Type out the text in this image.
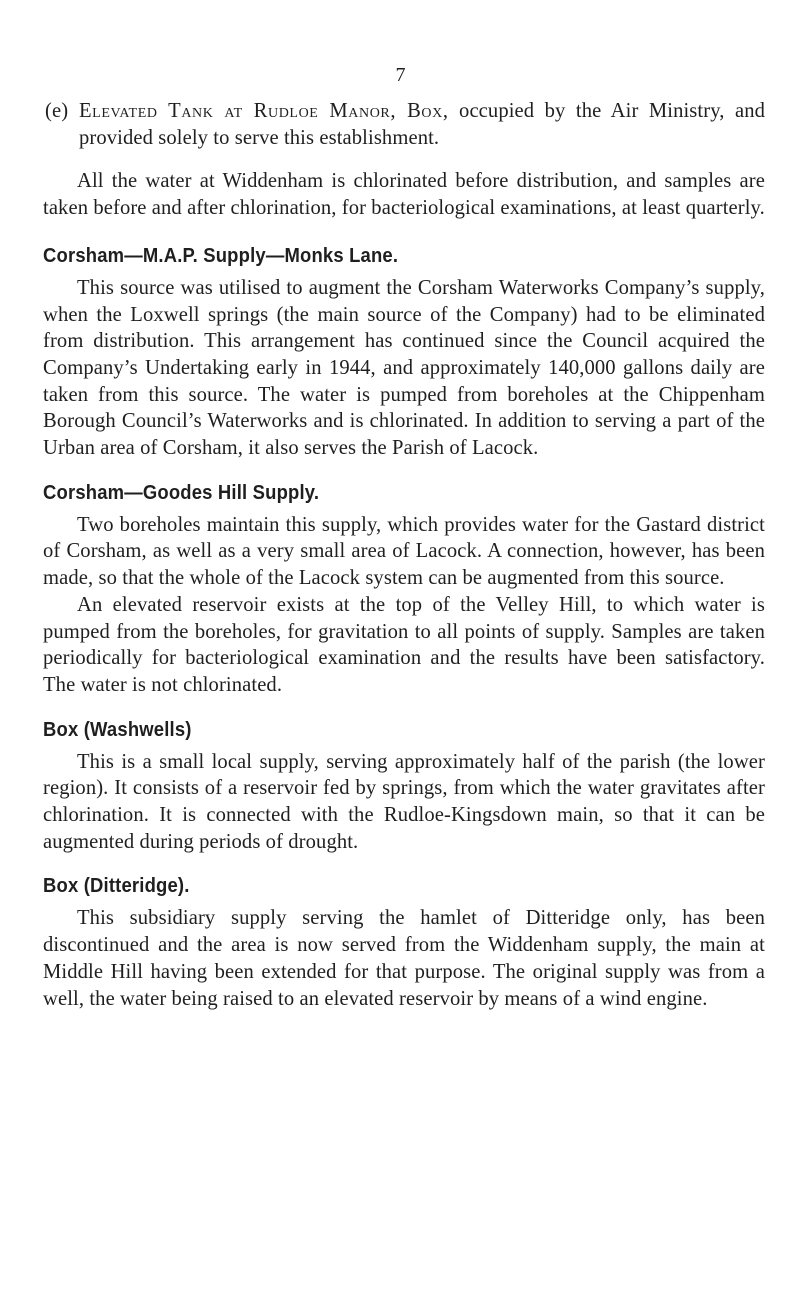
7

(e) Elevated Tank at Rudloe Manor, Box, occupied by the Air Ministry, and provided solely to serve this establishment.

All the water at Widdenham is chlorinated before distribution, and samples are taken before and after chlorination, for bacteriological examinations, at least quarterly.

Corsham—M.A.P. Supply—Monks Lane.

This source was utilised to augment the Corsham Waterworks Company’s supply, when the Loxwell springs (the main source of the Company) had to be eliminated from distribution. This arrangement has continued since the Council acquired the Company’s Undertaking early in 1944, and approximately 140,000 gallons daily are taken from this source. The water is pumped from boreholes at the Chippenham Borough Council’s Waterworks and is chlorinated. In addition to serving a part of the Urban area of Corsham, it also serves the Parish of Lacock.

Corsham—Goodes Hill Supply.

Two boreholes maintain this supply, which provides water for the Gastard district of Corsham, as well as a very small area of Lacock. A connection, however, has been made, so that the whole of the Lacock system can be augmented from this source.

An elevated reservoir exists at the top of the Velley Hill, to which water is pumped from the boreholes, for gravitation to all points of supply. Samples are taken periodically for bacteriological examination and the results have been satisfactory. The water is not chlorinated.

Box (Washwells)

This is a small local supply, serving approximately half of the parish (the lower region). It consists of a reservoir fed by springs, from which the water gravitates after chlorination. It is connected with the Rudloe-Kingsdown main, so that it can be augmented during periods of drought.

Box (Ditteridge).

This subsidiary supply serving the hamlet of Ditteridge only, has been discontinued and the area is now served from the Widdenham supply, the main at Middle Hill having been extended for that purpose. The original supply was from a well, the water being raised to an elevated reservoir by means of a wind engine.
